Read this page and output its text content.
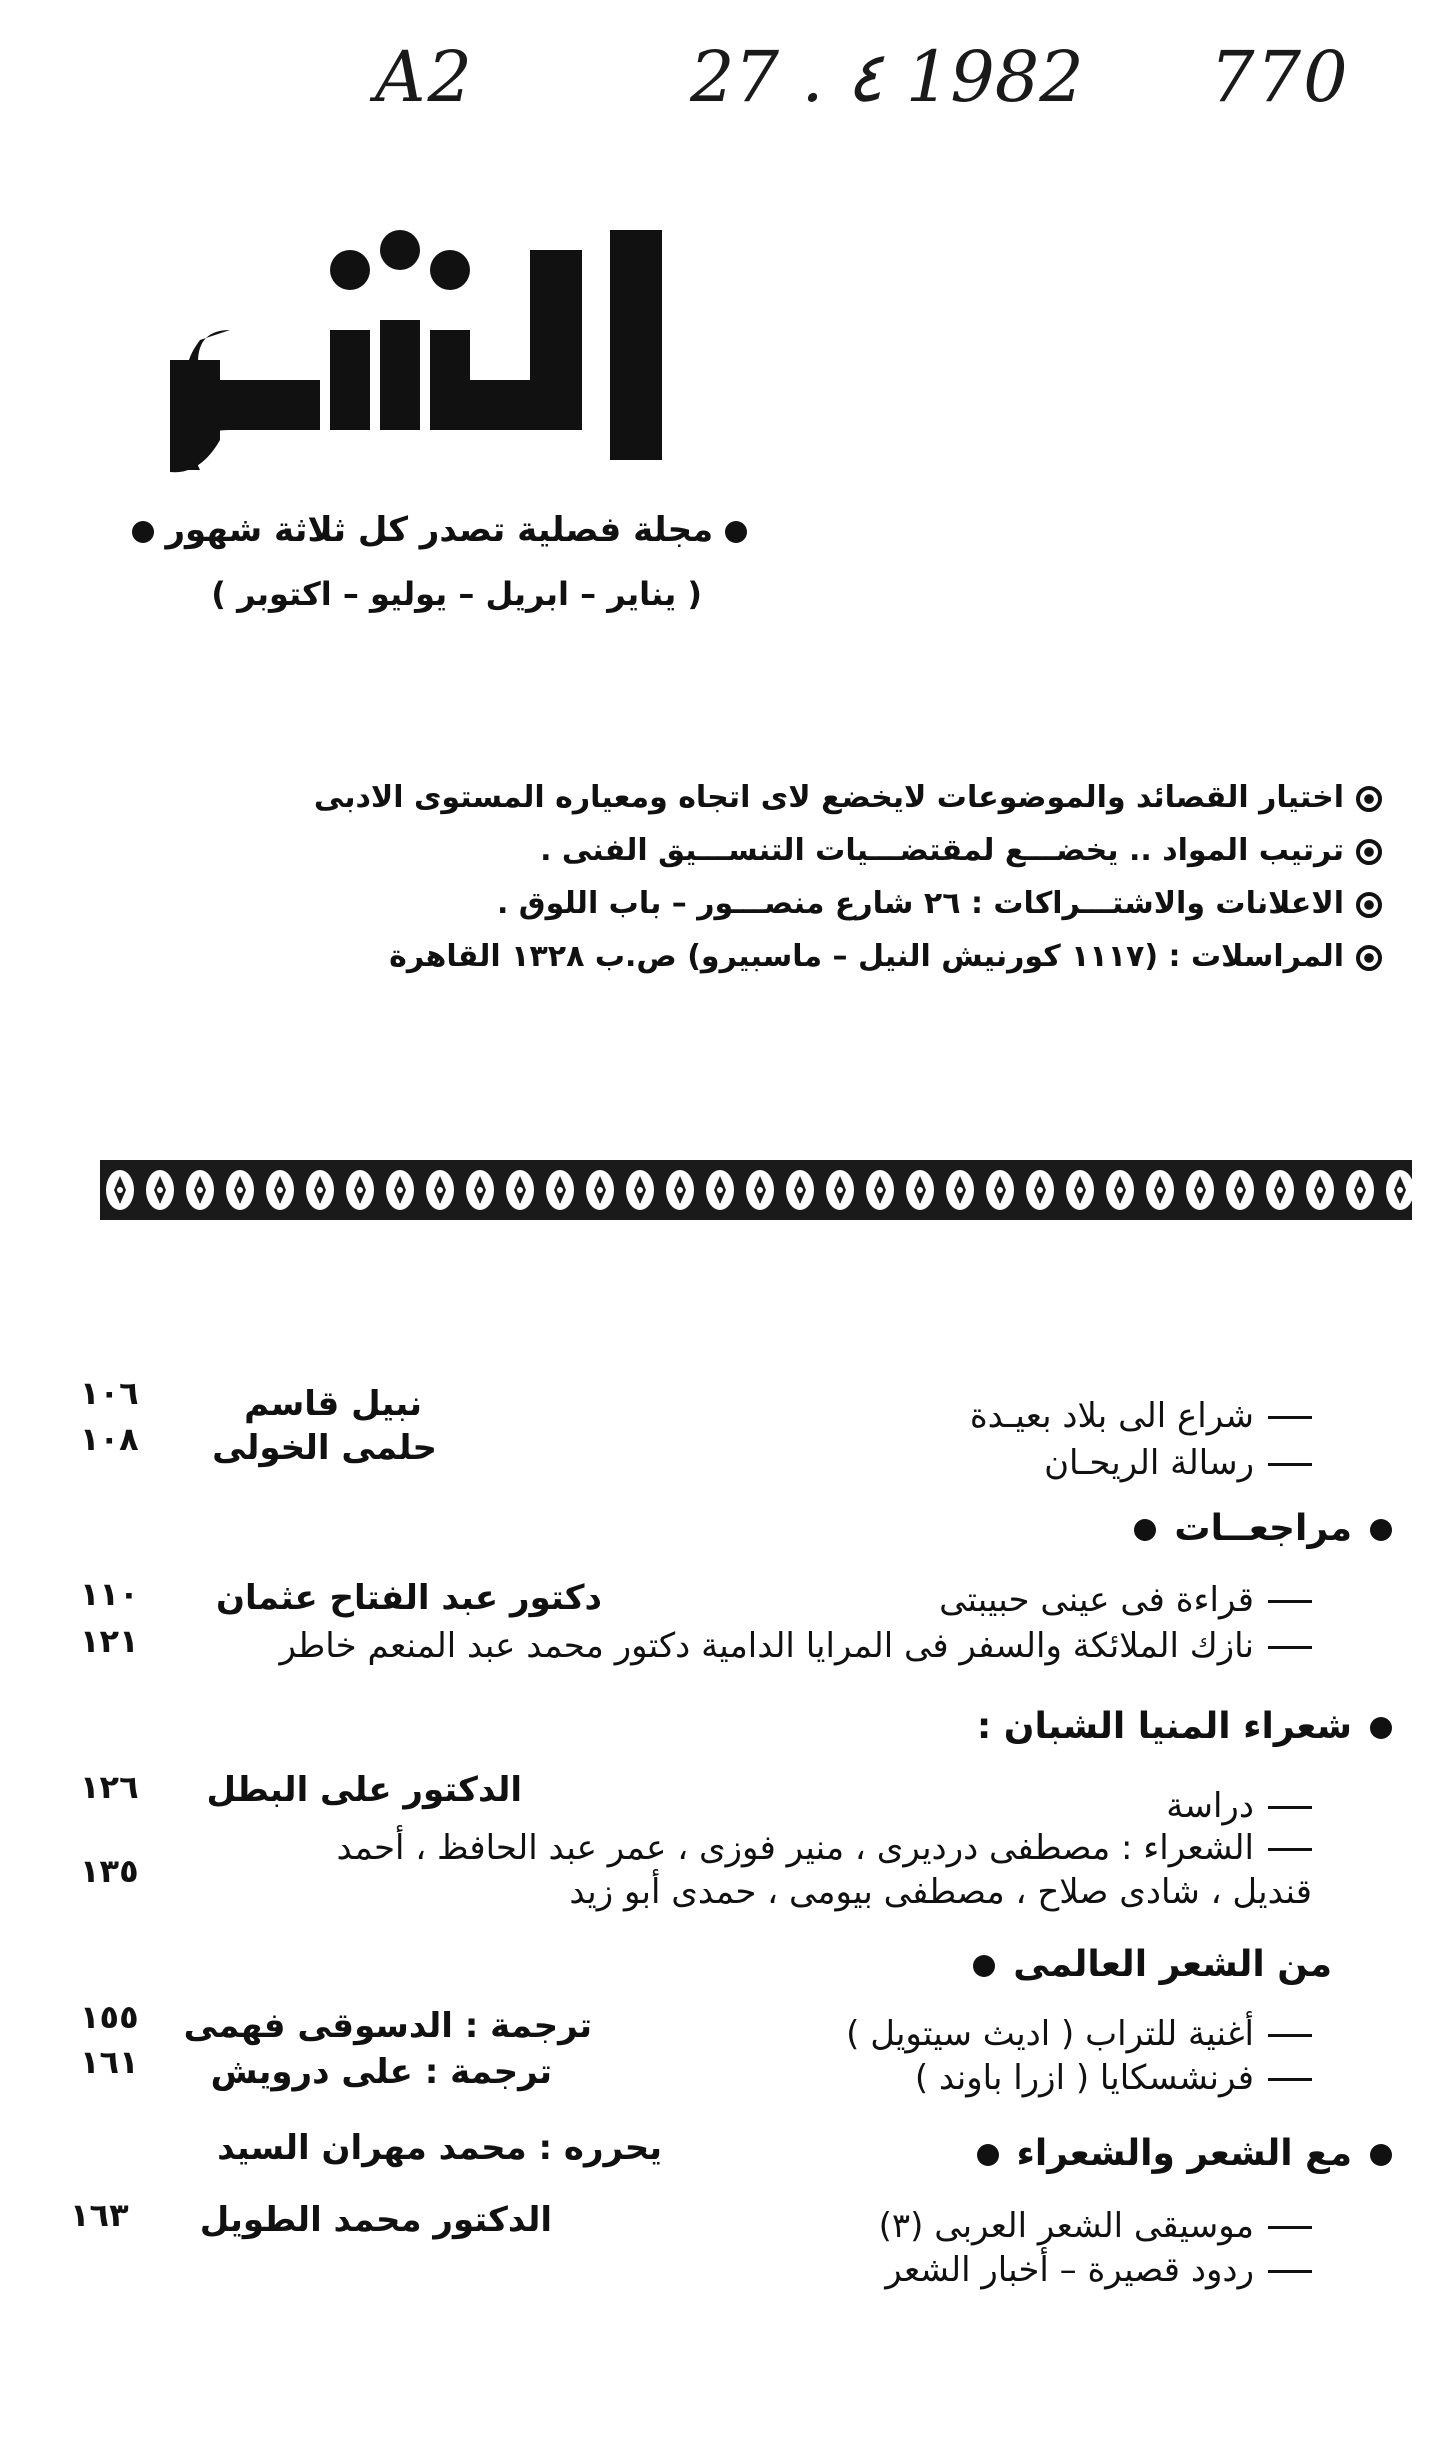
A2	27 . ٤ 1982 770
مجلة فصلية تصدر كل ثلاثة شهور
( يناير – ابريل – يوليو – اكتوبر )
اختيار القصائد والموضوعات لايخضع لاى اتجاه ومعياره المستوى الادبى
ترتيب المواد .. يخضـــع لمقتضـــيات التنســـيق الفنى .
الاعلانات والاشتـــراكات : ٢٦ شارع منصـــور – باب اللوق .
المراسلات : (١١١٧ كورنيش النيل – ماسبيرو) ص.ب ١٣٢٨ القاهرة
شراع الى بلاد بعيـدة
نبيل قاسم
١٠٦
رسالة الريحـان
حلمى الخولى
١٠٨
مراجعــات
قراءة فى عينى حبيبتى
دكتور عبد الفتاح عثمان
١١٠
نازك الملائكة والسفر فى المرايا الدامية دكتور محمد عبد المنعم خاطر
١٢١
شعراء المنيا الشبان :
دراسة
الدكتور على البطل
١٢٦
الشعراء : مصطفى درديرى ، منير فوزى ، عمر عبد الحافظ ، أحمد
قنديل ، شادى صلاح ، مصطفى بيومى ، حمدى أبو زيد
١٣٥
من الشعر العالمى
أغنية للتراب ( اديث سيتويل )
ترجمة : الدسوقى فهمى
١٥٥
فرنشسكايا ( ازرا باوند )
ترجمة : على درويش
١٦١
مع الشعر والشعراء
يحرره : محمد مهران السيد
موسيقى الشعر العربى (٣)
الدكتور محمد الطويل
١٦٣
ردود قصيرة – أخبار الشعر
